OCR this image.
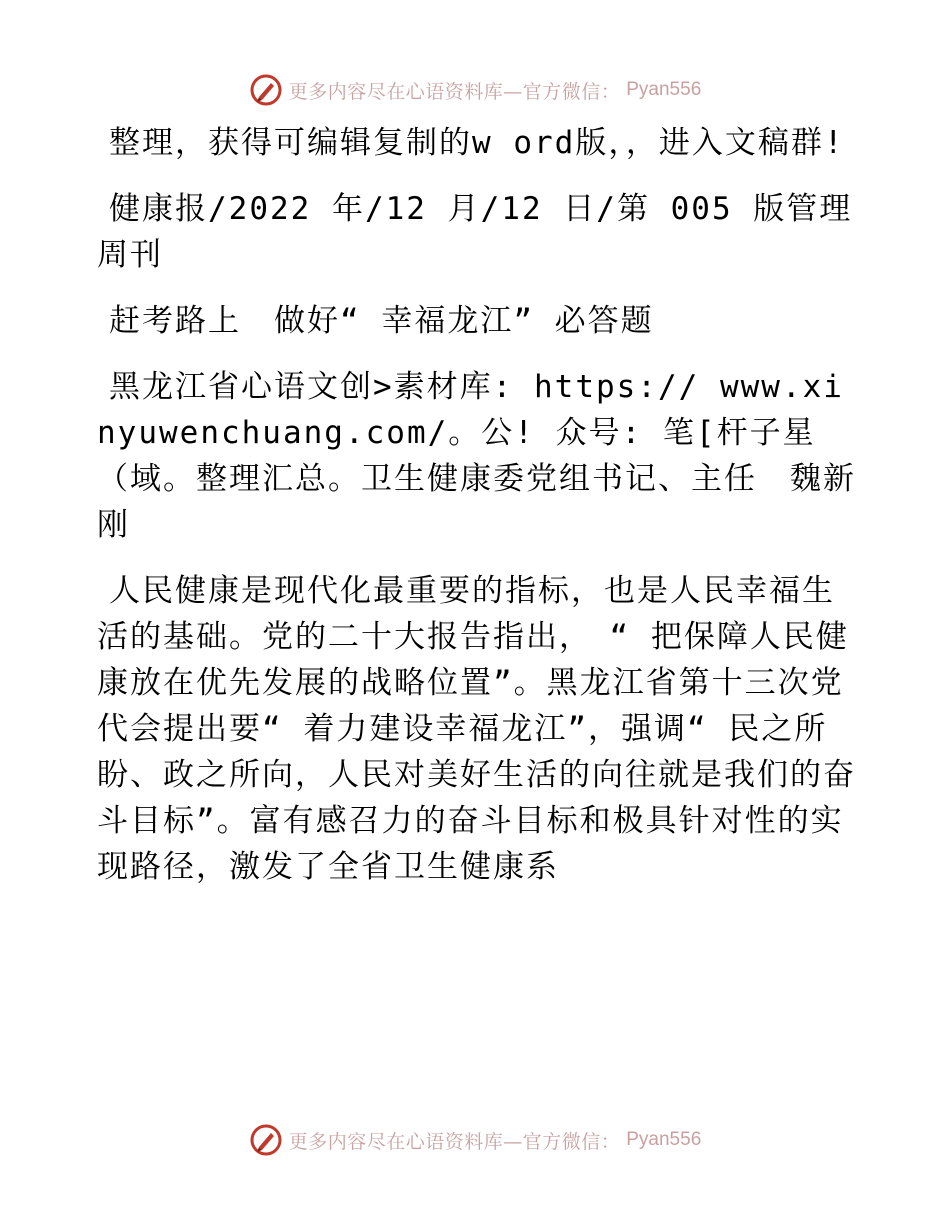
更多内容尽在心语资料库—官方微信： Pyan556

整理，获得可编辑复制的w ord版，，进入文稿群!

健康报/2022 年/12 月/12 日/第 005 版管理周刊

赶考路上　做好“ 幸福龙江” 必答题

黑龙江省心语文创>素材库: https:// www.xinyuwenchuang.com/。公! 众号: 笔[杆子星（域。整理汇总。卫生健康委党组书记、主任　魏新刚

人民健康是现代化最重要的指标，也是人民幸福生活的基础。党的二十大报告指出，　“ 把保障人民健康放在优先发展的战略位置”。黑龙江省第十三次党代会提出要“ 着力建设幸福龙江”，强调“ 民之所盼、政之所向，人民对美好生活的向往就是我们的奋斗目标”。富有感召力的奋斗目标和极具针对性的实现路径，激发了全省卫生健康系

更多内容尽在心语资料库—官方微信： Pyan556
